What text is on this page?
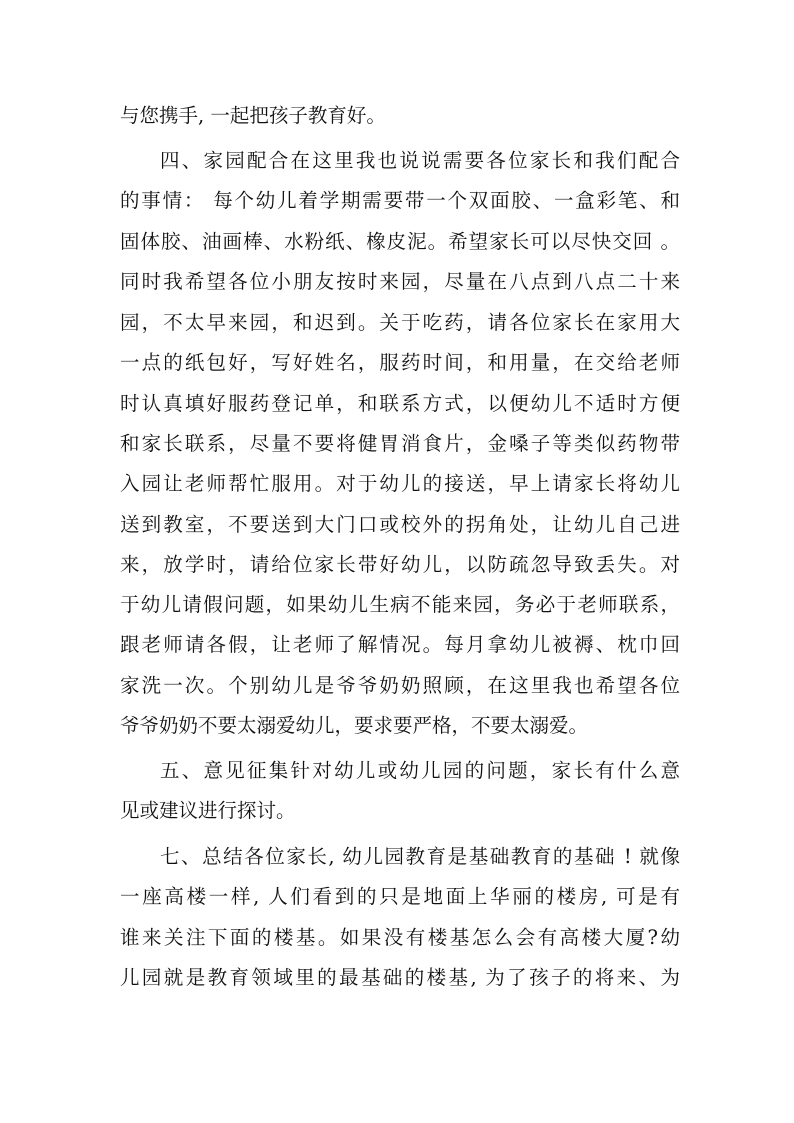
与您携手, 一起把孩子教育好。
四、家园配合在这里我也说说需要各位家长和我们配合
的事情： 每个幼儿着学期需要带一个双面胶、一盒彩笔、和
固体胶、油画棒、水粉纸、橡皮泥。希望家长可以尽快交回 。
同时我希望各位小朋友按时来园，尽量在八点到八点二十来
园，不太早来园，和迟到。关于吃药，请各位家长在家用大
一点的纸包好，写好姓名，服药时间，和用量，在交给老师
时认真填好服药登记单，和联系方式，以便幼儿不适时方便
和家长联系，尽量不要将健胃消食片，金嗓子等类似药物带
入园让老师帮忙服用。对于幼儿的接送，早上请家长将幼儿
送到教室，不要送到大门口或校外的拐角处，让幼儿自己进
来，放学时，请给位家长带好幼儿，以防疏忽导致丢失。对
于幼儿请假问题，如果幼儿生病不能来园，务必于老师联系，
跟老师请各假，让老师了解情况。每月拿幼儿被褥、枕巾回
家洗一次。个别幼儿是爷爷奶奶照顾，在这里我也希望各位
爷爷奶奶不要太溺爱幼儿，要求要严格，不要太溺爱。
五、意见征集针对幼儿或幼儿园的问题，家长有什么意
见或建议进行探讨。
七、总结各位家长, 幼儿园教育是基础教育的基础 ! 就像
一座高楼一样, 人们看到的只是地面上华丽的楼房, 可是有
谁来关注下面的楼基。如果没有楼基怎么会有高楼大厦?幼
儿园就是教育领域里的最基础的楼基, 为了孩子的将来、为
